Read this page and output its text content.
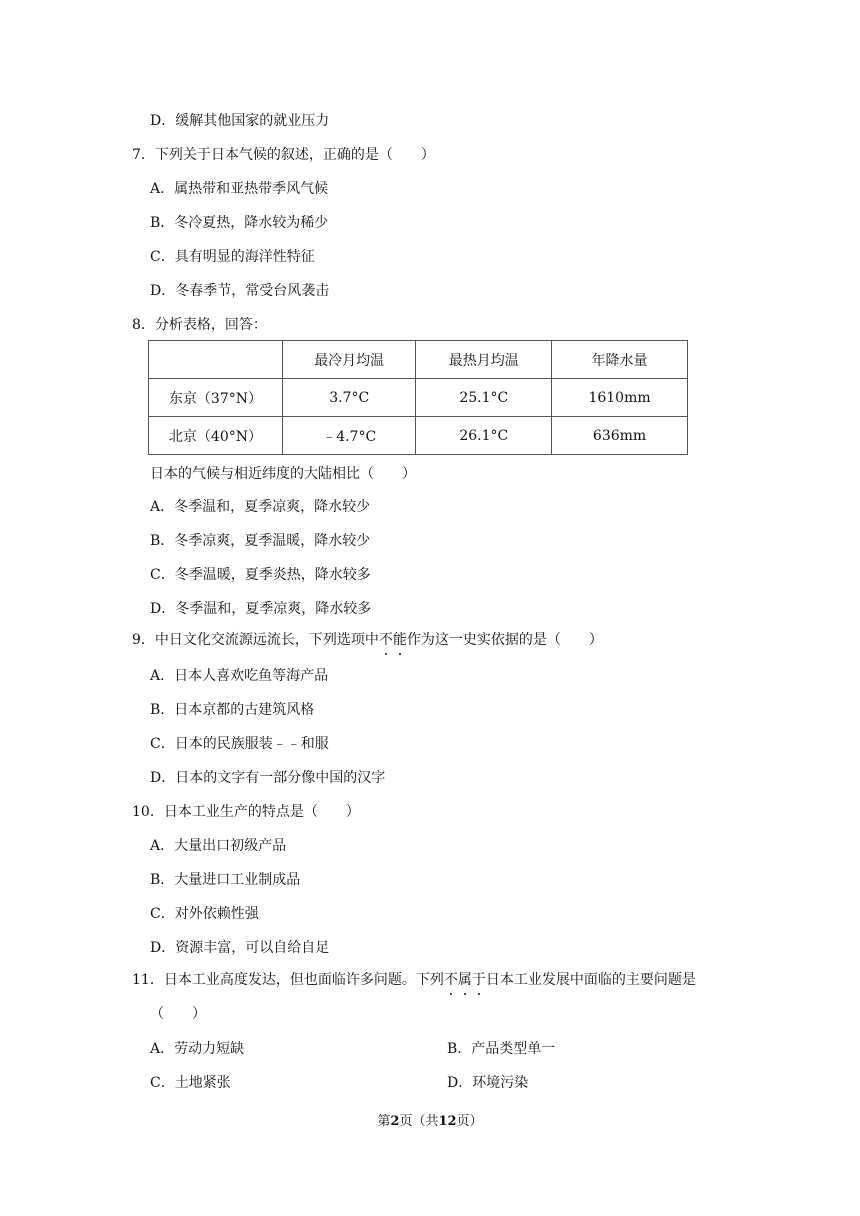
D．缓解其他国家的就业压力
7．下列关于日本气候的叙述，正确的是（　　）
A．属热带和亚热带季风气候
B．冬冷夏热，降水较为稀少
C．具有明显的海洋性特征
D．冬春季节，常受台风袭击
8．分析表格，回答：
	最冷月均温	最热月均温	年降水量
东京（37°N）	3.7°C	25.1°C	1610mm
北京（40°N）	﹣4.7°C	26.1°C	636mm
日本的气候与相近纬度的大陆相比（　　）
A．冬季温和，夏季凉爽，降水较少
B．冬季凉爽，夏季温暖，降水较少
C．冬季温暖，夏季炎热，降水较多
D．冬季温和，夏季凉爽，降水较多
9．中日文化交流源远流长，下列选项中不能作为这一史实依据的是（　　）
A．日本人喜欢吃鱼等海产品
B．日本京都的古建筑风格
C．日本的民族服装﹣﹣和服
D．日本的文字有一部分像中国的汉字
10．日本工业生产的特点是（　　）
A．大量出口初级产品
B．大量进口工业制成品
C．对外依赖性强
D．资源丰富，可以自给自足
11．日本工业高度发达，但也面临许多问题。下列不属于日本工业发展中面临的主要问题是
（　　）
A．劳动力短缺	B．产品类型单一
C．土地紧张	D．环境污染
第2页（共12页）
